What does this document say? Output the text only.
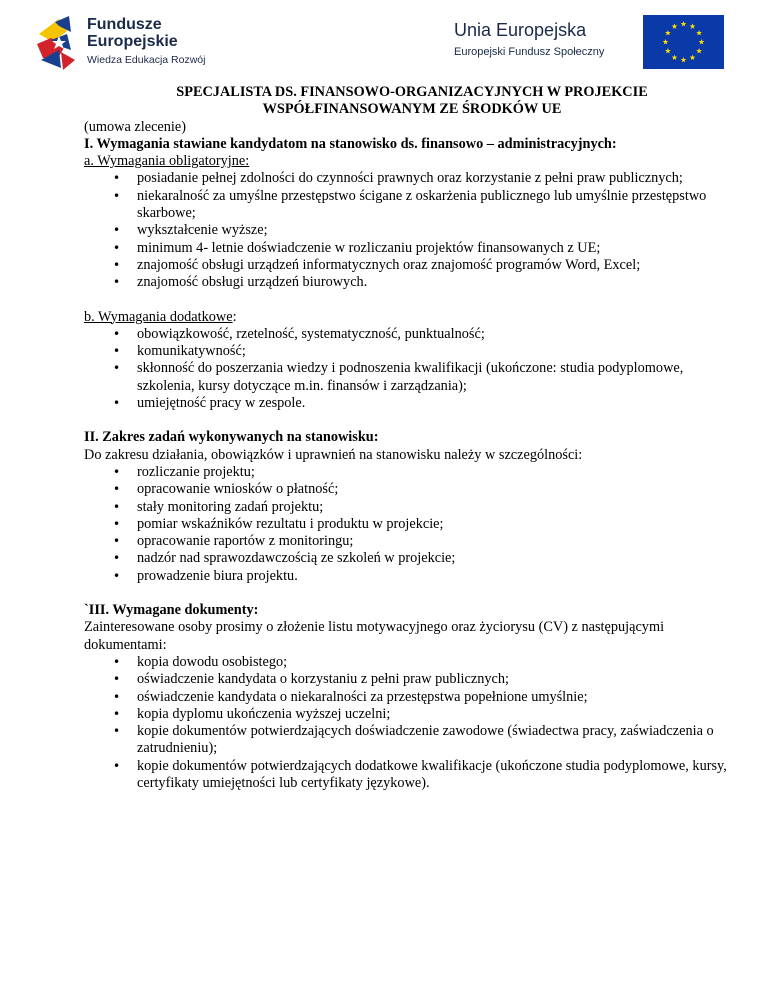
Fundusze
Europejskie
Wiedza Edukacja Rozwój
Unia Europejska
Europejski Fundusz Społeczny
SPECJALISTA DS. FINANSOWO-ORGANIZACYJNYCH W PROJEKCIE
WSPÓŁFINANSOWANYM ZE ŚRODKÓW UE

(umowa zlecenie)

I. Wymagania stawiane kandydatom na stanowisko ds. finansowo – administracyjnych:

a. Wymagania obligatoryjne:

• posiadanie pełnej zdolności do czynności prawnych oraz korzystanie z pełni praw publicznych;
• niekaralność za umyślne przestępstwo ścigane z oskarżenia publicznego lub umyślnie przestępstwo skarbowe;
• wykształcenie wyższe;
• minimum 4- letnie doświadczenie w rozliczaniu projektów finansowanych z UE;
• znajomość obsługi urządzeń informatycznych oraz znajomość programów Word, Excel;
• znajomość obsługi urządzeń biurowych.

b. Wymagania dodatkowe:

• obowiązkowość, rzetelność, systematyczność, punktualność;
• komunikatywność;
• skłonność do poszerzania wiedzy i podnoszenia kwalifikacji (ukończone: studia podyplomowe, szkolenia, kursy dotyczące m.in. finansów i zarządzania);
• umiejętność pracy w zespole.

II. Zakres zadań wykonywanych na stanowisku:

Do zakresu działania, obowiązków i uprawnień na stanowisku należy w szczególności:

• rozliczanie projektu;
• opracowanie wniosków o płatność;
• stały monitoring zadań projektu;
• pomiar wskaźników rezultatu i produktu w projekcie;
• opracowanie raportów z monitoringu;
• nadzór nad sprawozdawczością ze szkoleń w projekcie;
• prowadzenie biura projektu.

`III. Wymagane dokumenty:

Zainteresowane osoby prosimy o złożenie listu motywacyjnego oraz życiorysu (CV) z następującymi dokumentami:

• kopia dowodu osobistego;
• oświadczenie kandydata o korzystaniu z pełni praw publicznych;
• oświadczenie kandydata o niekaralności za przestępstwa popełnione umyślnie;
• kopia dyplomu ukończenia wyższej uczelni;
• kopie dokumentów potwierdzających doświadczenie zawodowe (świadectwa pracy, zaświadczenia o zatrudnieniu);
• kopie dokumentów potwierdzających dodatkowe kwalifikacje (ukończone studia podyplomowe, kursy, certyfikaty umiejętności lub certyfikaty językowe).
